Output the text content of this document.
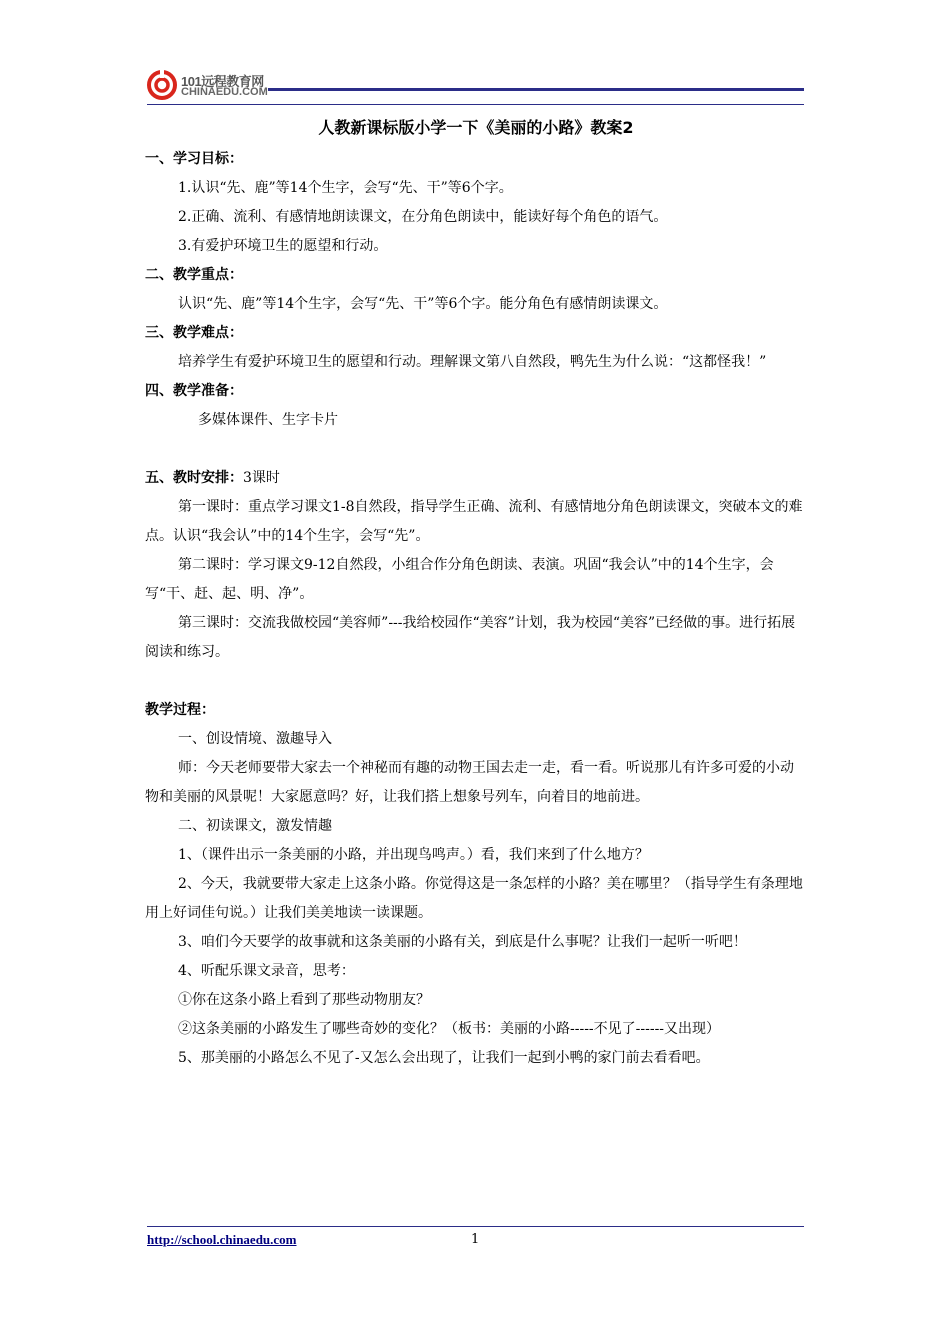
101远程教育网
CHINAEDU.COM
人教新课标版小学一下《美丽的小路》教案2

一、学习目标：

1.认识“先、鹿”等14个生字，会写“先、干”等6个字。

2.正确、流利、有感情地朗读课文，在分角色朗读中，能读好每个角色的语气。

3.有爱护环境卫生的愿望和行动。

二、教学重点：

认识“先、鹿”等14个生字，会写“先、干”等6个字。能分角色有感情朗读课文。

三、教学难点：

培养学生有爱护环境卫生的愿望和行动。理解课文第八自然段，鸭先生为什么说：“这都怪我！”

四、教学准备：

多媒体课件、生字卡片

五、教时安排：3课时

第一课时：重点学习课文1-8自然段，指导学生正确、流利、有感情地分角色朗读课文，突破本文的难点。认识“我会认”中的14个生字，会写“先”。

第二课时：学习课文9-12自然段，小组合作分角色朗读、表演。巩固“我会认”中的14个生字，会写“干、赶、起、明、净”。

第三课时：交流我做校园“美容师”---我给校园作“美容”计划，我为校园“美容”已经做的事。进行拓展阅读和练习。

教学过程：

一、创设情境、激趣导入

师：今天老师要带大家去一个神秘而有趣的动物王国去走一走，看一看。听说那儿有许多可爱的小动物和美丽的风景呢！大家愿意吗？好，让我们搭上想象号列车，向着目的地前进。

二、初读课文，激发情趣

1、（课件出示一条美丽的小路，并出现鸟鸣声。）看，我们来到了什么地方？

2、今天，我就要带大家走上这条小路。你觉得这是一条怎样的小路？美在哪里？（指导学生有条理地用上好词佳句说。）让我们美美地读一读课题。

3、咱们今天要学的故事就和这条美丽的小路有关，到底是什么事呢？让我们一起听一听吧！

4、听配乐课文录音，思考：

①你在这条小路上看到了那些动物朋友？

②这条美丽的小路发生了哪些奇妙的变化？（板书：美丽的小路-----不见了------又出现）

5、那美丽的小路怎么不见了-又怎么会出现了，让我们一起到小鸭的家门前去看看吧。

http://school.chinaedu.com	1
